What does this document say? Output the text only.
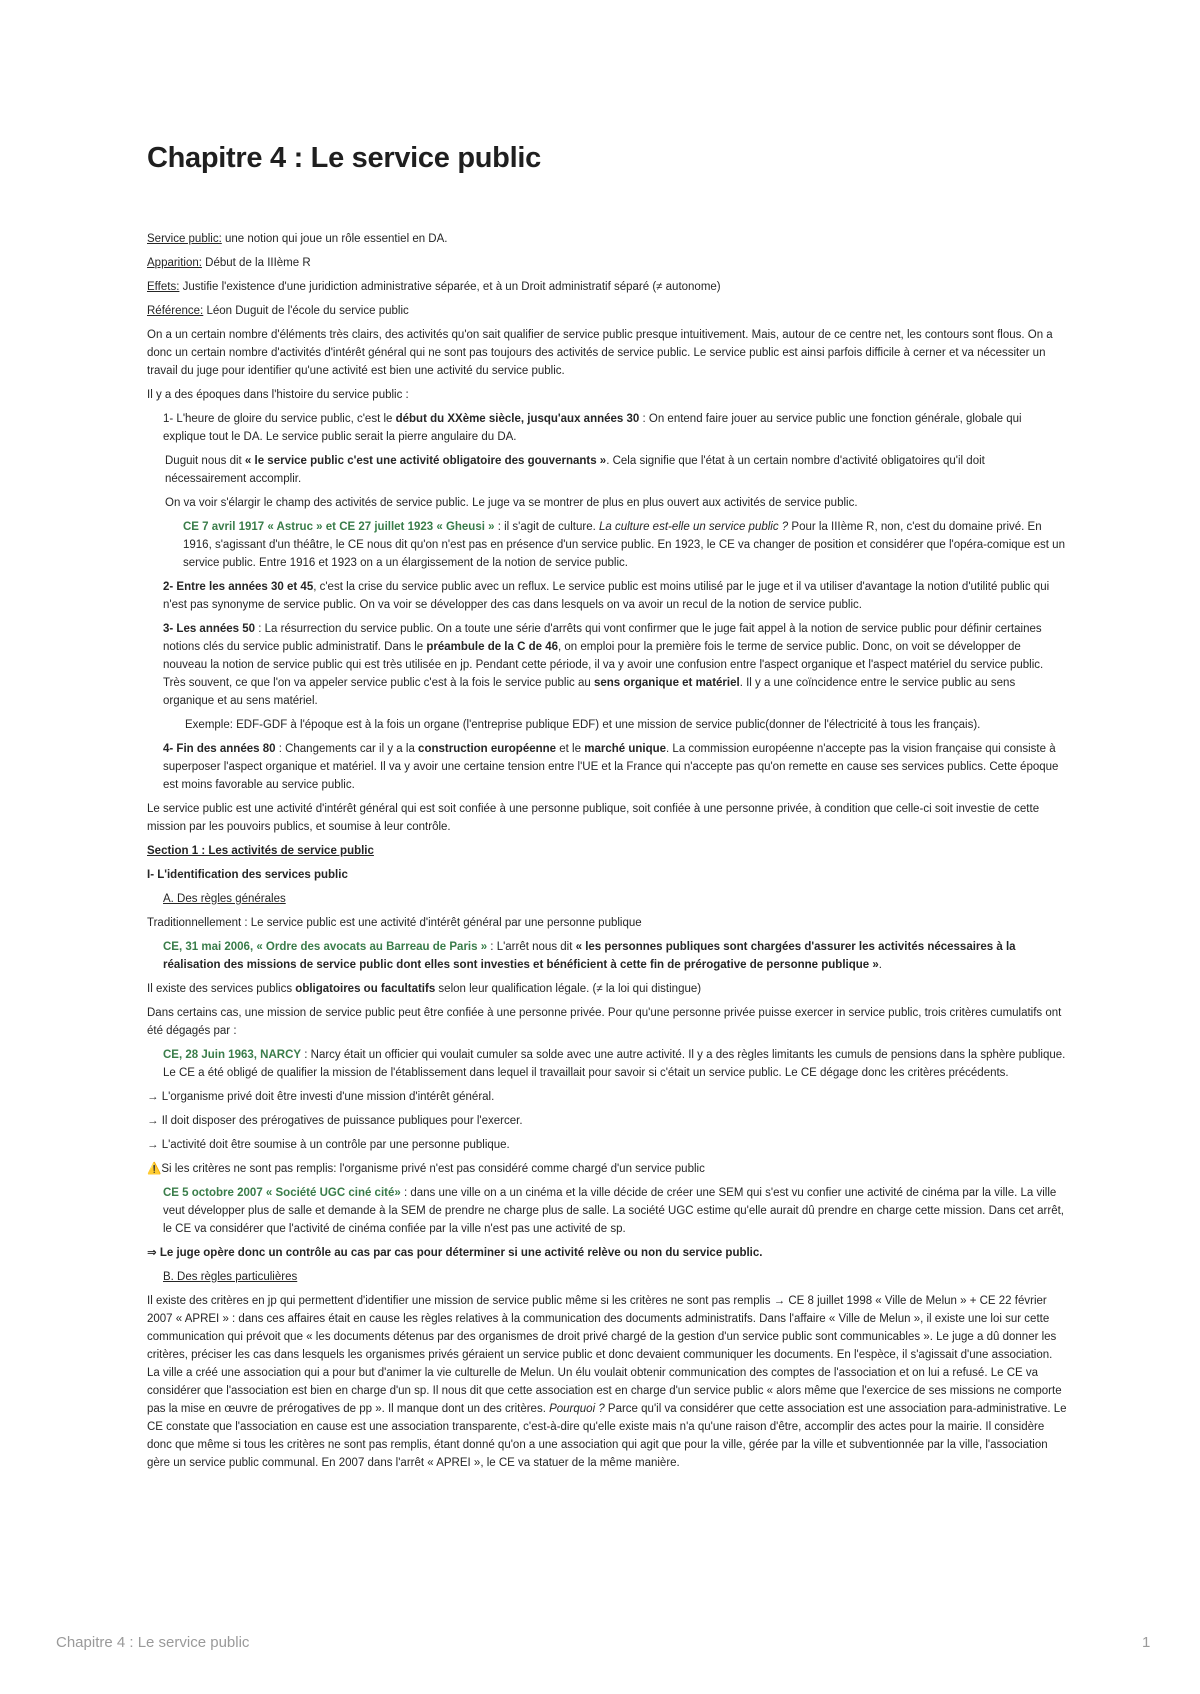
Chapitre 4 : Le service public

Service public: une notion qui joue un rôle essentiel en DA.

Apparition: Début de la IIIème R

Effets: Justifie l'existence d'une juridiction administrative séparée, et à un Droit administratif séparé (≠ autonome)

Référence: Léon Duguit de l'école du service public

On a un certain nombre d'éléments très clairs, des activités qu'on sait qualifier de service public presque intuitivement. Mais, autour de ce centre net, les contours sont flous. On a donc un certain nombre d'activités d'intérêt général qui ne sont pas toujours des activités de service public. Le service public est ainsi parfois difficile à cerner et va nécessiter un travail du juge pour identifier qu'une activité est bien une activité du service public.

Il y a des époques dans l'histoire du service public :

1- L'heure de gloire du service public, c'est le début du XXème siècle, jusqu'aux années 30 : On entend faire jouer au service public une fonction générale, globale qui explique tout le DA. Le service public serait la pierre angulaire du DA.

Duguit nous dit « le service public c'est une activité obligatoire des gouvernants ». Cela signifie que l'état à un certain nombre d'activité obligatoires qu'il doit nécessairement accomplir.

On va voir s'élargir le champ des activités de service public. Le juge va se montrer de plus en plus ouvert aux activités de service public.

CE 7 avril 1917 « Astruc » et CE 27 juillet 1923 « Gheusi » : il s'agit de culture. La culture est-elle un service public ? Pour la IIIème R, non, c'est du domaine privé. En 1916, s'agissant d'un théâtre, le CE nous dit qu'on n'est pas en présence d'un service public. En 1923, le CE va changer de position et considérer que l'opéra-comique est un service public. Entre 1916 et 1923 on a un élargissement de la notion de service public.

2- Entre les années 30 et 45, c'est la crise du service public avec un reflux. Le service public est moins utilisé par le juge et il va utiliser d'avantage la notion d'utilité public qui n'est pas synonyme de service public. On va voir se développer des cas dans lesquels on va avoir un recul de la notion de service public.

3- Les années 50 : La résurrection du service public. On a toute une série d'arrêts qui vont confirmer que le juge fait appel à la notion de service public pour définir certaines notions clés du service public administratif. Dans le préambule de la C de 46, on emploi pour la première fois le terme de service public. Donc, on voit se développer de nouveau la notion de service public qui est très utilisée en jp. Pendant cette période, il va y avoir une confusion entre l'aspect organique et l'aspect matériel du service public. Très souvent, ce que l'on va appeler service public c'est à la fois le service public au sens organique et matériel. Il y a une coïncidence entre le service public au sens organique et au sens matériel.

Exemple: EDF-GDF à l'époque est à la fois un organe (l'entreprise publique EDF) et une mission de service public(donner de l'électricité à tous les français).

4- Fin des années 80 : Changements car il y a la construction européenne et le marché unique. La commission européenne n'accepte pas la vision française qui consiste à superposer l'aspect organique et matériel. Il va y avoir une certaine tension entre l'UE et la France qui n'accepte pas qu'on remette en cause ses services publics. Cette époque est moins favorable au service public.

Le service public est une activité d'intérêt général qui est soit confiée à une personne publique, soit confiée à une personne privée, à condition que celle-ci soit investie de cette mission par les pouvoirs publics, et soumise à leur contrôle.

Section 1 : Les activités de service public

I- L'identification des services public

A. Des règles générales

Traditionnellement : Le service public est une activité d'intérêt général par une personne publique

CE, 31 mai 2006, « Ordre des avocats au Barreau de Paris » : L'arrêt nous dit « les personnes publiques sont chargées d'assurer les activités nécessaires à la réalisation des missions de service public dont elles sont investies et bénéficient à cette fin de prérogative de personne publique ».

Il existe des services publics obligatoires ou facultatifs selon leur qualification légale. (≠ la loi qui distingue)

Dans certains cas, une mission de service public peut être confiée à une personne privée. Pour qu'une personne privée puisse exercer in service public, trois critères cumulatifs ont été dégagés par :

CE, 28 Juin 1963, NARCY : Narcy était un officier qui voulait cumuler sa solde avec une autre activité. Il y a des règles limitants les cumuls de pensions dans la sphère publique. Le CE a été obligé de qualifier la mission de l'établissement dans lequel il travaillait pour savoir si c'était un service public. Le CE dégage donc les critères précédents.

→ L'organisme privé doit être investi d'une mission d'intérêt général.

→ Il doit disposer des prérogatives de puissance publiques pour l'exercer.

→ L'activité doit être soumise à un contrôle par une personne publique.

⚠️Si les critères ne sont pas remplis: l'organisme privé n'est pas considéré comme chargé d'un service public

CE 5 octobre 2007 « Société UGC ciné cité» : dans une ville on a un cinéma et la ville décide de créer une SEM qui s'est vu confier une activité de cinéma par la ville. La ville veut développer plus de salle et demande à la SEM de prendre ne charge plus de salle. La société UGC estime qu'elle aurait dû prendre en charge cette mission. Dans cet arrêt, le CE va considérer que l'activité de cinéma confiée par la ville n'est pas une activité de sp.

⇒ Le juge opère donc un contrôle au cas par cas pour déterminer si une activité relève ou non du service public.

B. Des règles particulières

Il existe des critères en jp qui permettent d'identifier une mission de service public même si les critères ne sont pas remplis → CE 8 juillet 1998 « Ville de Melun » + CE 22 février 2007 « APREI » : dans ces affaires était en cause les règles relatives à la communication des documents administratifs. Dans l'affaire « Ville de Melun », il existe une loi sur cette communication qui prévoit que « les documents détenus par des organismes de droit privé chargé de la gestion d'un service public sont communicables ». Le juge a dû donner les critères, préciser les cas dans lesquels les organismes privés géraient un service public et donc devaient communiquer les documents. En l'espèce, il s'agissait d'une association. La ville a créé une association qui a pour but d'animer la vie culturelle de Melun. Un élu voulait obtenir communication des comptes de l'association et on lui a refusé. Le CE va considérer que l'association est bien en charge d'un sp. Il nous dit que cette association est en charge d'un service public « alors même que l'exercice de ses missions ne comporte pas la mise en œuvre de prérogatives de pp ». Il manque dont un des critères. Pourquoi ? Parce qu'il va considérer que cette association est une association para-administrative. Le CE constate que l'association en cause est une association transparente, c'est-à-dire qu'elle existe mais n'a qu'une raison d'être, accomplir des actes pour la mairie. Il considère donc que même si tous les critères ne sont pas remplis, étant donné qu'on a une association qui agit que pour la ville, gérée par la ville et subventionnée par la ville, l'association gère un service public communal. En 2007 dans l'arrêt « APREI », le CE va statuer de la même manière.

Chapitre 4 : Le service public	1
